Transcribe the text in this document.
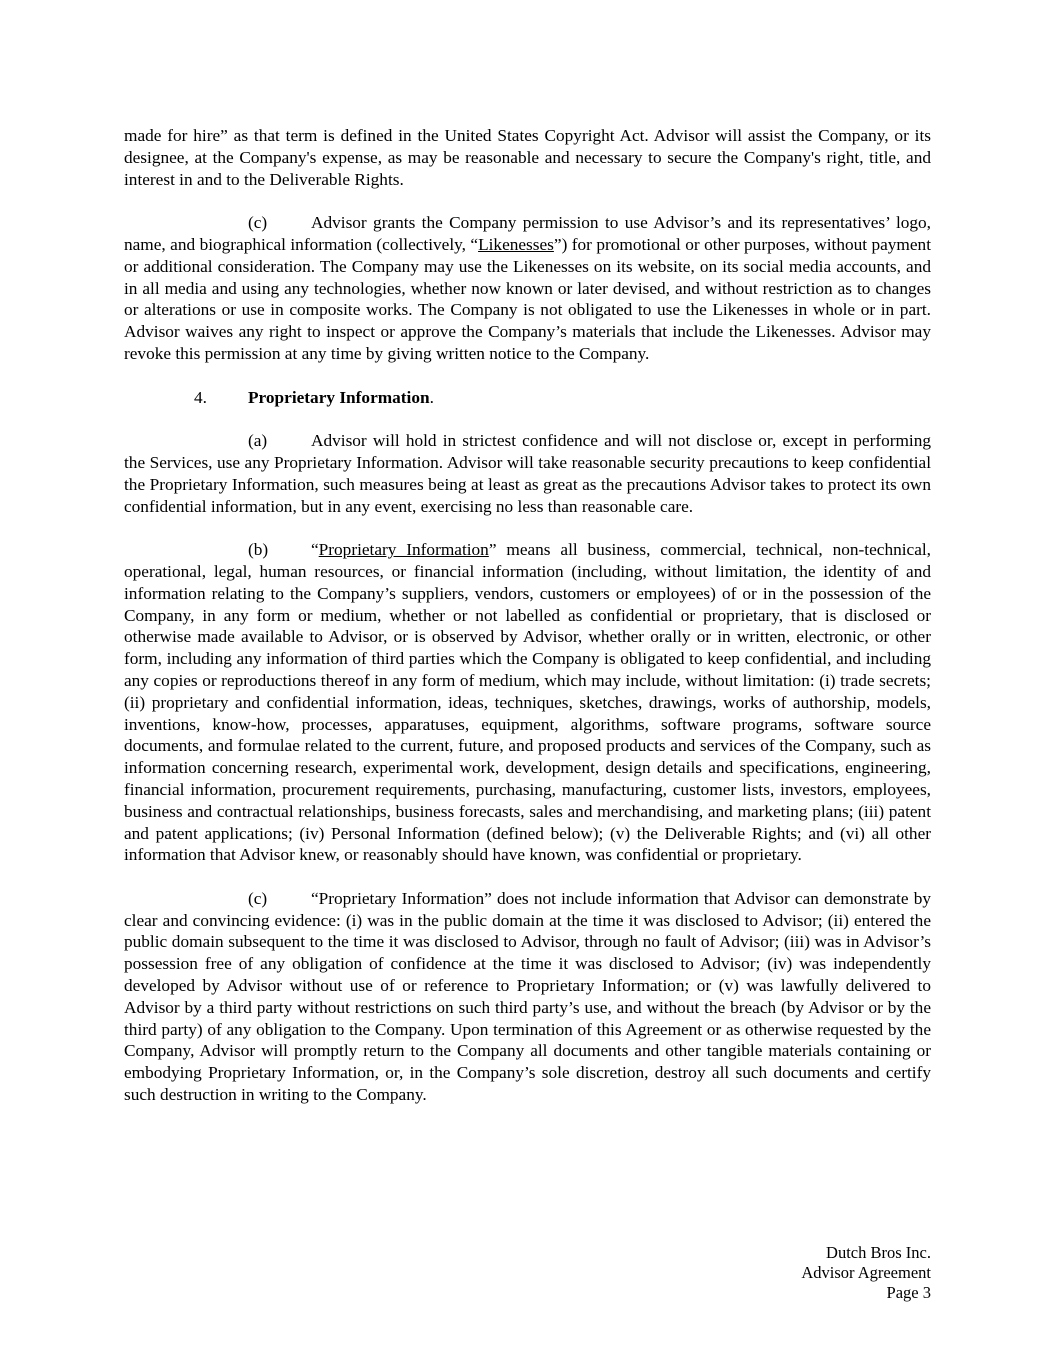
made for hire” as that term is defined in the United States Copyright Act. Advisor will assist the Company, or its designee, at the Company's expense, as may be reasonable and necessary to secure the Company's right, title, and interest in and to the Deliverable Rights.

(c)	Advisor grants the Company permission to use Advisor’s and its representatives’ logo, name, and biographical information (collectively, “Likenesses”) for promotional or other purposes, without payment or additional consideration. The Company may use the Likenesses on its website, on its social media accounts, and in all media and using any technologies, whether now known or later devised, and without restriction as to changes or alterations or use in composite works. The Company is not obligated to use the Likenesses in whole or in part. Advisor waives any right to inspect or approve the Company’s materials that include the Likenesses. Advisor may revoke this permission at any time by giving written notice to the Company.

4. Proprietary Information.

(a)	Advisor will hold in strictest confidence and will not disclose or, except in performing the Services, use any Proprietary Information. Advisor will take reasonable security precautions to keep confidential the Proprietary Information, such measures being at least as great as the precautions Advisor takes to protect its own confidential information, but in any event, exercising no less than reasonable care.

(b) “Proprietary Information” means all business, commercial, technical, non-technical, operational, legal, human resources, or financial information (including, without limitation, the identity of and information relating to the Company’s suppliers, vendors, customers or employees) of or in the possession of the Company, in any form or medium, whether or not labelled as confidential or proprietary, that is disclosed or otherwise made available to Advisor, or is observed by Advisor, whether orally or in written, electronic, or other form, including any information of third parties which the Company is obligated to keep confidential, and including any copies or reproductions thereof in any form of medium, which may include, without limitation: (i) trade secrets; (ii) proprietary and confidential information, ideas, techniques, sketches, drawings, works of authorship, models, inventions, know-how, processes, apparatuses, equipment, algorithms, software programs, software source documents, and formulae related to the current, future, and proposed products and services of the Company, such as information concerning research, experimental work, development, design details and specifications, engineering, financial information, procurement requirements, purchasing, manufacturing, customer lists, investors, employees, business and contractual relationships, business forecasts, sales and merchandising, and marketing plans; (iii) patent and patent applications; (iv) Personal Information (defined below); (v) the Deliverable Rights; and (vi) all other information that Advisor knew, or reasonably should have known, was confidential or proprietary.

(c)	“Proprietary Information” does not include information that Advisor can demonstrate by clear and convincing evidence: (i) was in the public domain at the time it was disclosed to Advisor; (ii) entered the public domain subsequent to the time it was disclosed to Advisor, through no fault of Advisor; (iii) was in Advisor’s possession free of any obligation of confidence at the time it was disclosed to Advisor; (iv) was independently developed by Advisor without use of or reference to Proprietary Information; or (v) was lawfully delivered to Advisor by a third party without restrictions on such third party’s use, and without the breach (by Advisor or by the third party) of any obligation to the Company. Upon termination of this Agreement or as otherwise requested by the Company, Advisor will promptly return to the Company all documents and other tangible materials containing or embodying Proprietary Information, or, in the Company’s sole discretion, destroy all such documents and certify such destruction in writing to the Company.

Dutch Bros Inc.
Advisor Agreement
Page 3
